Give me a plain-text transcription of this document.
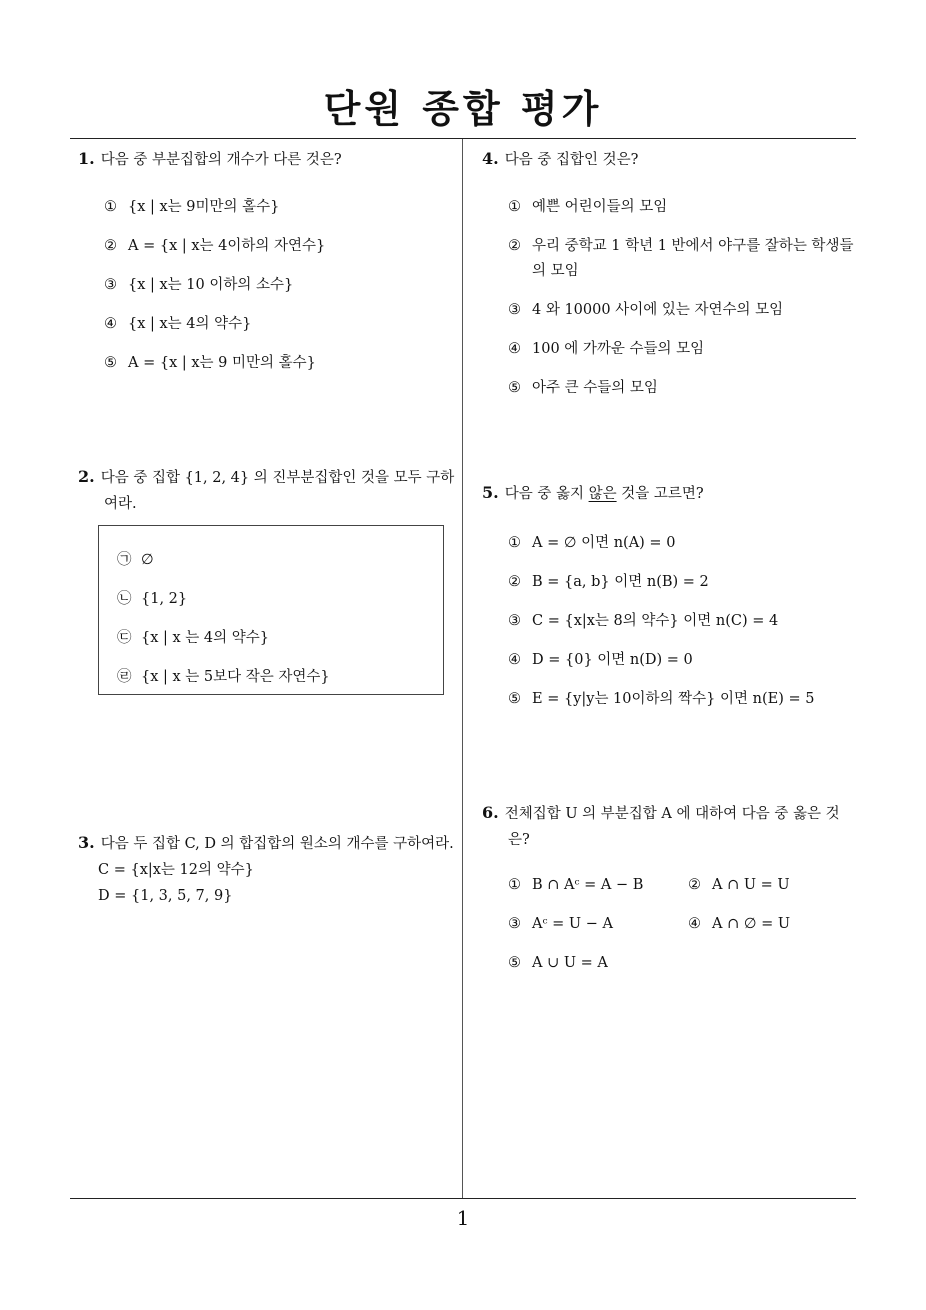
단원 종합 평가
1. 다음 중 부분집합의 개수가 다른 것은?
① {x | x는 9미만의 홀수}
② A = {x | x는 4이하의 자연수}
③ {x | x는 10 이하의 소수}
④ {x | x는 4의 약수}
⑤ A = {x | x는 9 미만의 홀수}
2. 다음 중 집합 {1, 2, 4} 의 진부분집합인 것을 모두 구하여라.
㉠ ∅
㉡ {1, 2}
㉢ {x | x 는 4의 약수}
㉣ {x | x 는 5보다 작은 자연수}
3. 다음 두 집합 C, D 의 합집합의 원소의 개수를 구하여라.
C = {x|x는 12의 약수}
D = {1, 3, 5, 7, 9}
4. 다음 중 집합인 것은?
① 예쁜 어린이들의 모임
② 우리 중학교 1 학년 1 반에서 야구를 잘하는 학생들의 모임
③ 4 와 10000 사이에 있는 자연수의 모임
④ 100 에 가까운 수들의 모임
⑤ 아주 큰 수들의 모임
5. 다음 중 옳지 않은 것을 고르면?
① A = ∅ 이면 n(A) = 0
② B = {a, b} 이면 n(B) = 2
③ C = {x|x는 8의 약수} 이면 n(C) = 4
④ D = {0} 이면 n(D) = 0
⑤ E = {y|y는 10이하의 짝수} 이면 n(E) = 5
6. 전체집합 U 의 부분집합 A 에 대하여 다음 중 옳은 것은?
① B ∩ Aᶜ = A − B	② A ∩ U = U
③ Aᶜ = U − A	④ A ∩ ∅ = U
⑤ A ∪ U = A
1
